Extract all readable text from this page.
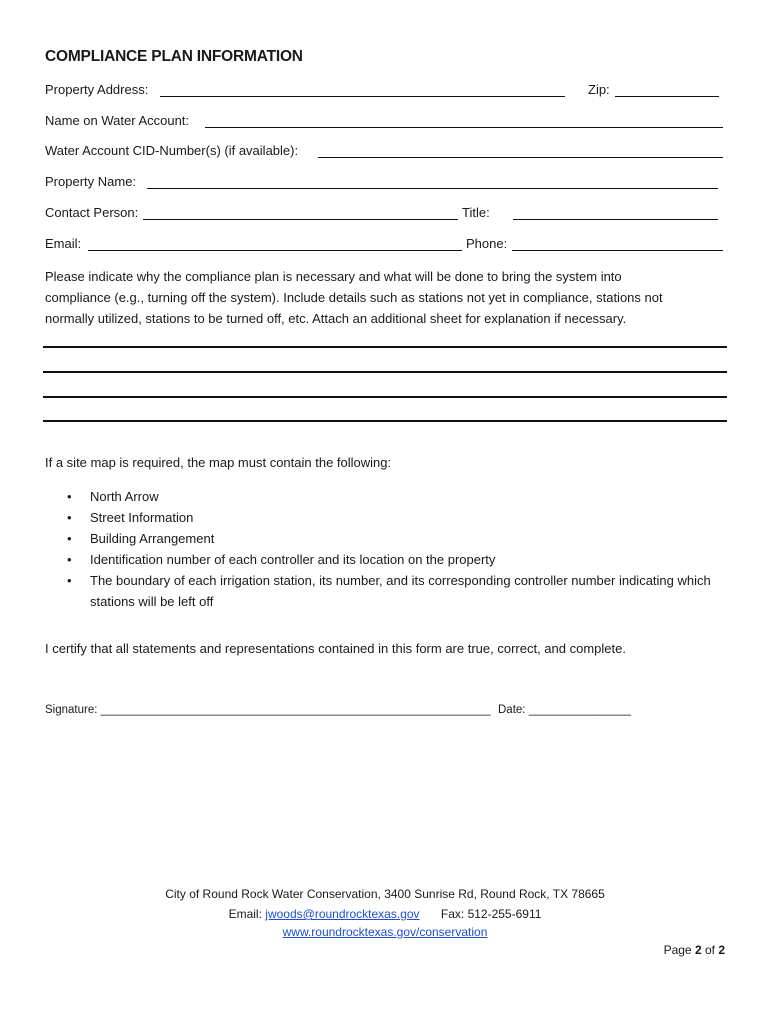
COMPLIANCE PLAN INFORMATION
Property Address:	Zip:
Name on Water Account:
Water Account CID-Number(s) (if available):
Property Name:
Contact Person:	Title:
Email:	Phone:
Please indicate why the compliance plan is necessary and what will be done to bring the system into
compliance (e.g., turning off the system). Include details such as stations not yet in compliance, stations not
normally utilized, stations to be turned off, etc. Attach an additional sheet for explanation if necessary.
If a site map is required, the map must contain the following:
• North Arrow
• Street Information
• Building Arrangement
• Identification number of each controller and its location on the property
• The boundary of each irrigation station, its number, and its corresponding controller number indicating which stations will be left off
I certify that all statements and representations contained in this form are true, correct, and complete.
Signature: _____________________________________________________________ Date: ________________
City of Round Rock Water Conservation, 3400 Sunrise Rd, Round Rock, TX 78665
Email: jwoods@roundrocktexas.gov Fax: 512-255-6911
www.roundrocktexas.gov/conservation
Page 2 of 2
